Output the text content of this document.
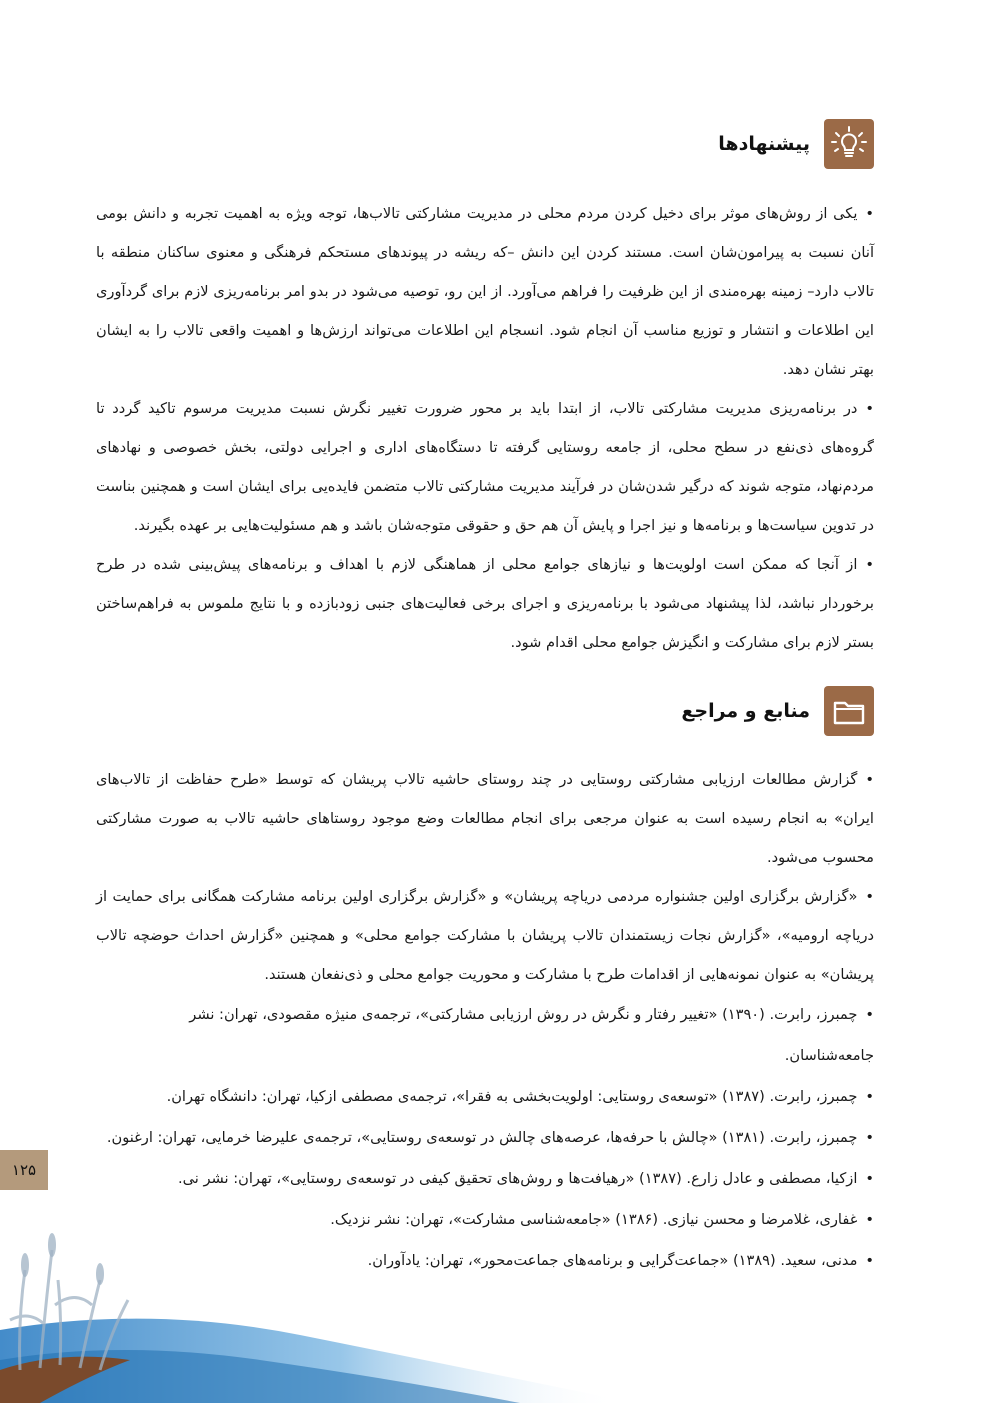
پیشنهادها

•یکی از روش‌های موثر برای دخیل کردن مردم محلی در مدیریت مشارکتی تالاب‌ها، توجه ویژه به اهمیت تجربه و دانش بومی آنان نسبت به پیرامون‌شان است. مستند کردن این دانش –که ریشه در پیوندهای مستحکم فرهنگی و معنوی ساکنان منطقه با تالاب دارد– زمینه بهره‌مندی از این ظرفیت را فراهم می‌آورد. از این رو، توصیه می‌شود در بدو امر برنامه‌ریزی لازم برای گردآوری این اطلاعات و انتشار و توزیع مناسب آن انجام شود. انسجام این اطلاعات می‌تواند ارزش‌ها و اهمیت واقعی تالاب را به ایشان بهتر نشان دهد.

•در برنامه‌ریزی مدیریت مشارکتی تالاب، از ابتدا باید بر محور ضرورت تغییر نگرش نسبت مدیریت مرسوم تاکید گردد تا گروه‌های ذی‌نفع در سطح محلی، از جامعه روستایی گرفته تا دستگاه‌های اداری و اجرایی دولتی، بخش خصوصی و نهادهای مردم‌نهاد، متوجه شوند که درگیر شدن‌شان در فرآیند مدیریت مشارکتی تالاب متضمن فایده‌یی برای ایشان است و همچنین بناست در تدوین سیاست‌ها و برنامه‌ها و نیز اجرا و پایش آن هم حق و حقوقی متوجه‌شان باشد و هم مسئولیت‌هایی بر عهده بگیرند.

•از آنجا که ممکن است اولویت‌ها و نیازهای جوامع محلی از هماهنگی لازم با اهداف و برنامه‌های پیش‌بینی شده در طرح برخوردار نباشد، لذا پیشنهاد می‌شود با برنامه‌ریزی و اجرای برخی فعالیت‌های جنبی زودبازده و با نتایج ملموس به فراهم‌ساختن بستر لازم برای مشارکت و انگیزش جوامع محلی اقدام شود.

منابع و مراجع

•گزارش مطالعات ارزیابی مشارکتی روستایی در چند روستای حاشیه تالاب پریشان که توسط «طرح حفاظت از تالاب‌های ایران» به انجام رسیده است به عنوان مرجعی برای انجام مطالعات وضع موجود روستاهای حاشیه تالاب به صورت مشارکتی محسوب می‌شود.

•«گزارش برگزاری اولین جشنواره مردمی دریاچه پریشان» و «گزارش برگزاری اولین برنامه مشارکت همگانی برای حمایت از دریاچه ارومیه»، «گزارش نجات زیستمندان تالاب پریشان با مشارکت جوامع محلی» و همچنین «گزارش احداث حوضچه تالاب پریشان» به عنوان نمونه‌هایی از اقدامات طرح با مشارکت و محوریت جوامع محلی و ذی‌نفعان هستند.

•چمبرز، رابرت. (۱۳۹۰) «تغییر رفتار و نگرش در روش ارزیابی مشارکتی»، ترجمه‌ی منیژه مقصودی، تهران: نشر جامعه‌شناسان.
•چمبرز، رابرت. (۱۳۸۷) «توسعه‌ی روستایی: اولویت‌بخشی به فقرا»، ترجمه‌ی مصطفی ازکیا، تهران: دانشگاه تهران.
•چمبرز، رابرت. (۱۳۸۱) «چالش با حرفه‌ها، عرصه‌های چالش در توسعه‌ی روستایی»، ترجمه‌ی علیرضا خرمایی، تهران: ارغنون.
•ازکیا، مصطفی و عادل زارع. (۱۳۸۷) «رهیافت‌ها و روش‌های تحقیق کیفی در توسعه‌ی روستایی»، تهران: نشر نی.
•غفاری، غلامرضا و محسن نیازی. (۱۳۸۶) «جامعه‌شناسی مشارکت»، تهران: نشر نزدیک.
•مدنی، سعید. (۱۳۸۹) «جماعت‌گرایی و برنامه‌های جماعت‌محور»، تهران: یادآوران.
۱۲۵
